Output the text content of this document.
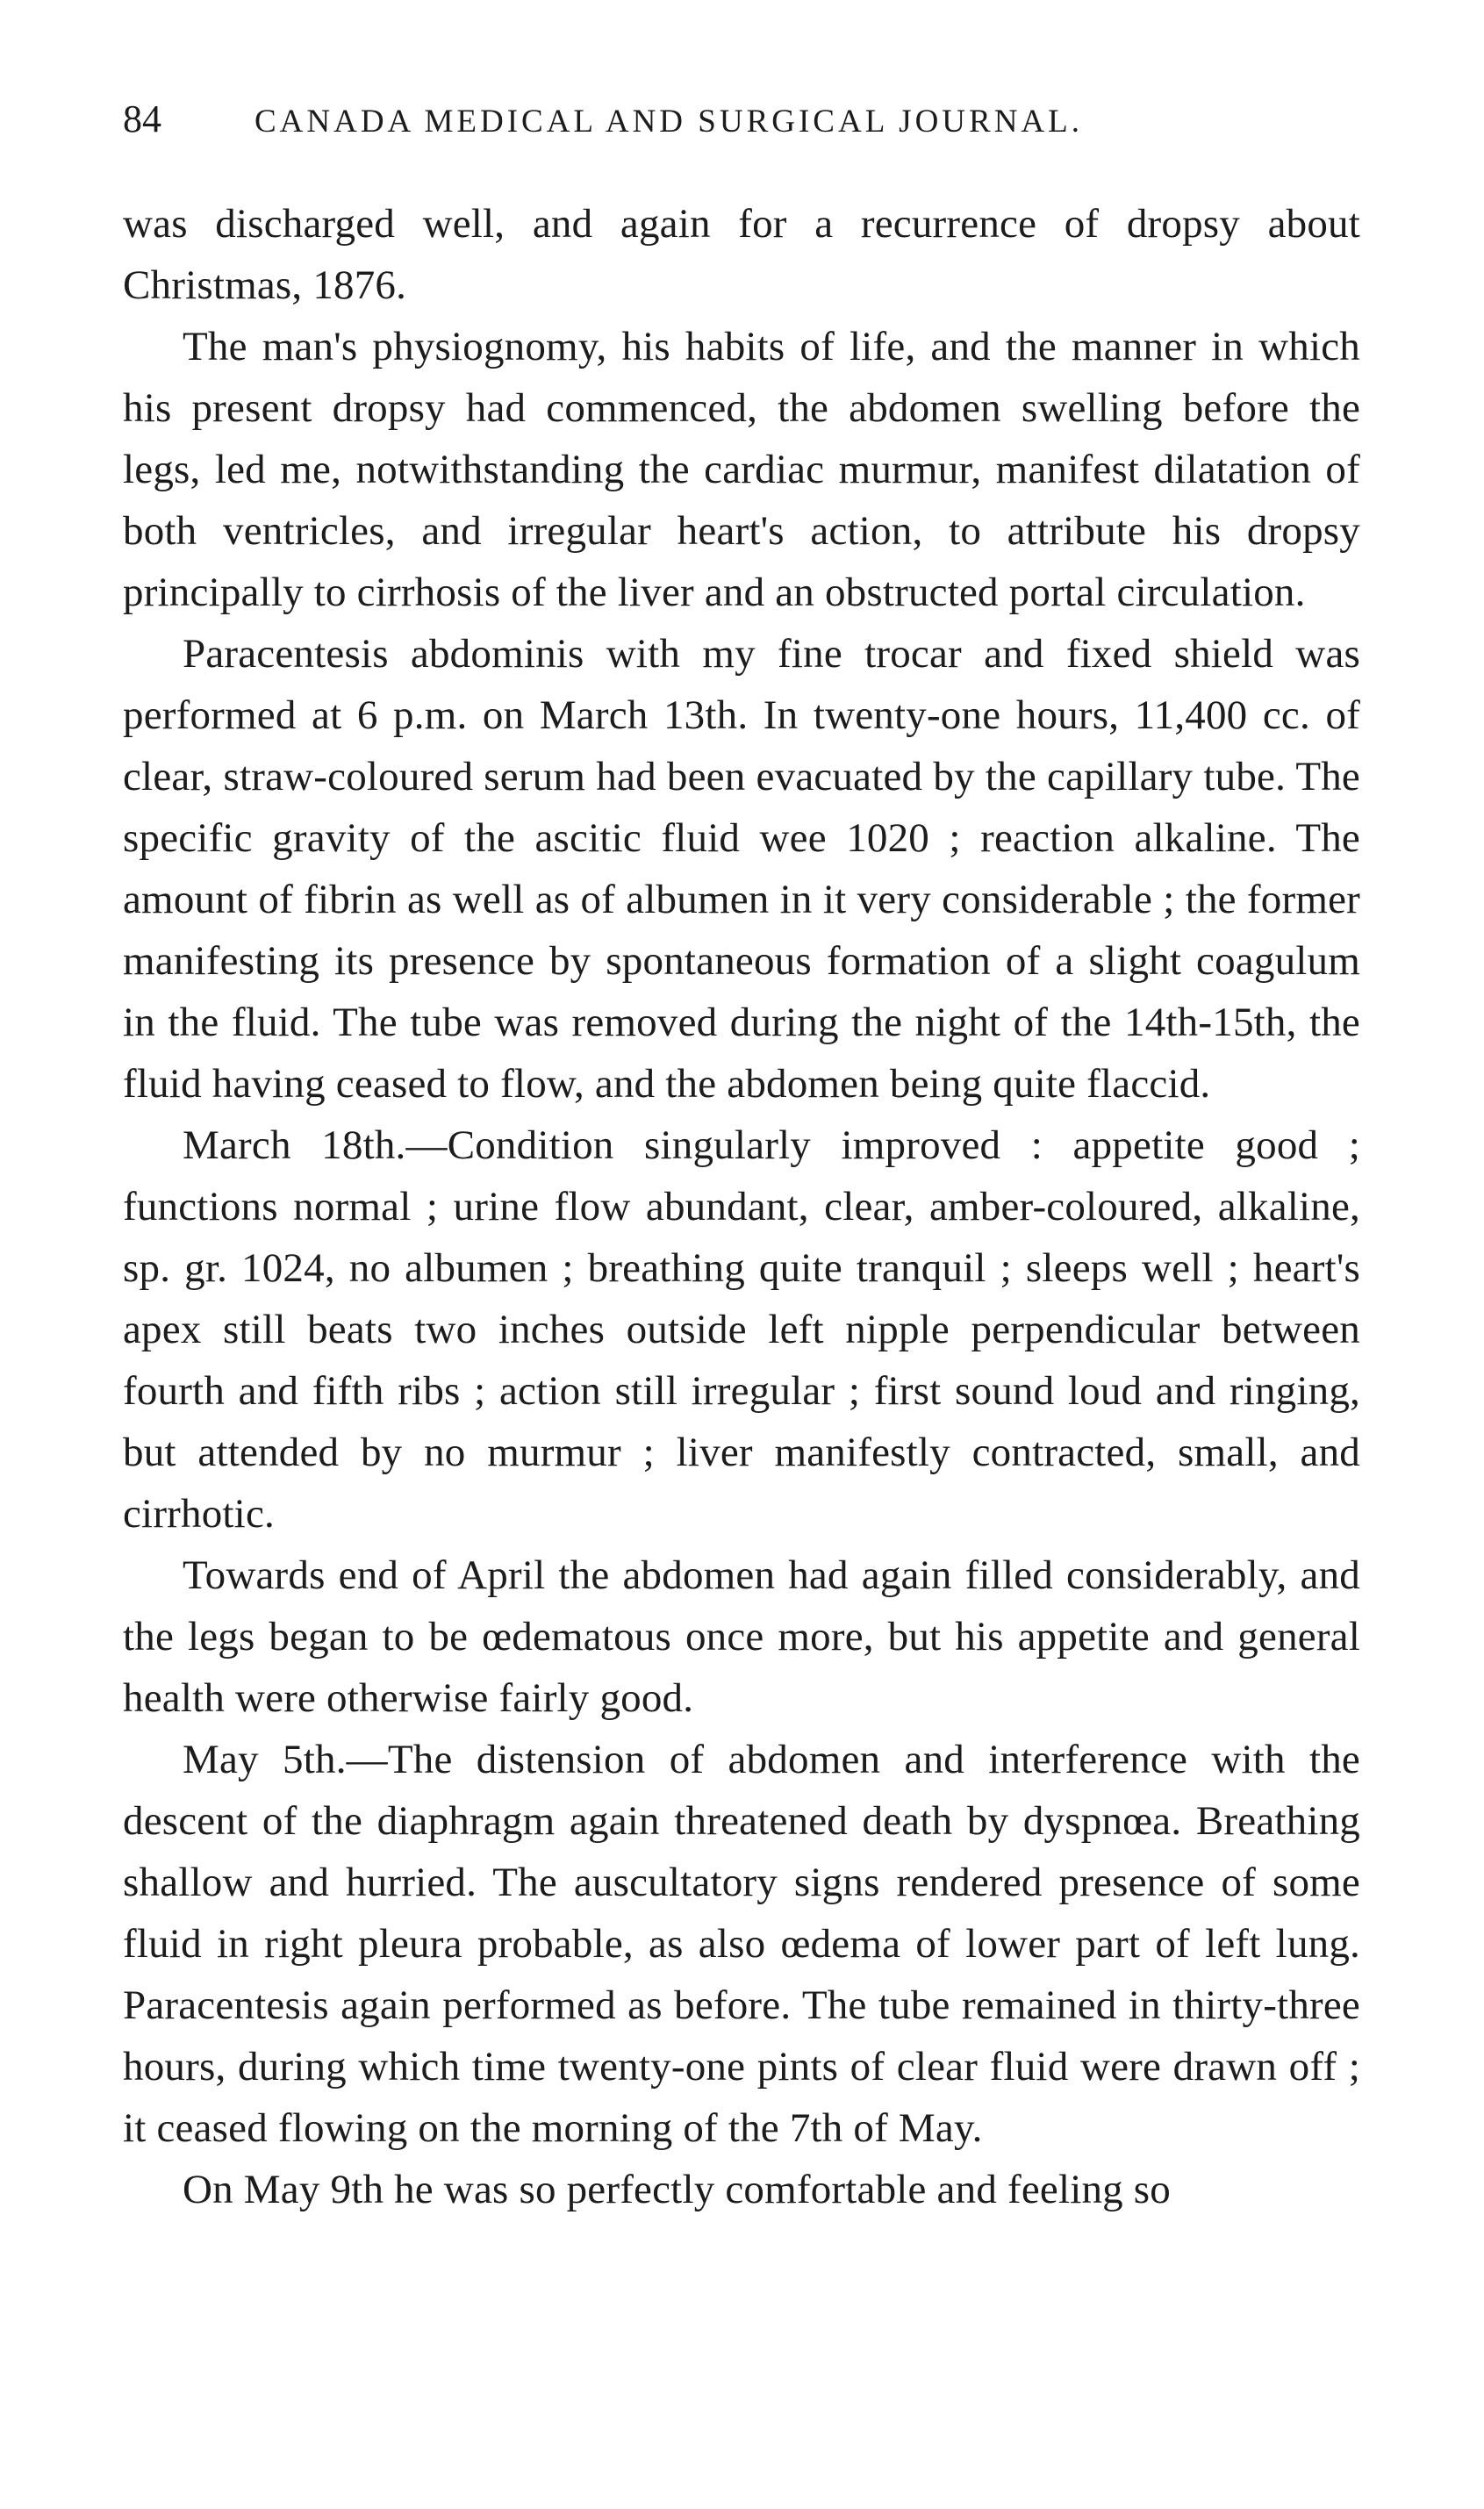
84	CANADA MEDICAL AND SURGICAL JOURNAL.

was discharged well, and again for a recurrence of dropsy about Christmas, 1876.

The man's physiognomy, his habits of life, and the manner in which his present dropsy had commenced, the abdomen swelling before the legs, led me, notwithstanding the cardiac murmur, manifest dilatation of both ventricles, and irregular heart's action, to attribute his dropsy principally to cirrhosis of the liver and an obstructed portal circulation.

Paracentesis abdominis with my fine trocar and fixed shield was performed at 6 p.m. on March 13th. In twenty-one hours, 11,400 cc. of clear, straw-coloured serum had been evacuated by the capillary tube. The specific gravity of the ascitic fluid wee 1020 ; reaction alkaline. The amount of fibrin as well as of albumen in it very considerable ; the former manifesting its presence by spontaneous formation of a slight coagulum in the fluid. The tube was removed during the night of the 14th-15th, the fluid having ceased to flow, and the abdomen being quite flaccid.

March 18th.—Condition singularly improved : appetite good ; functions normal ; urine flow abundant, clear, amber-coloured, alkaline, sp. gr. 1024, no albumen ; breathing quite tranquil ; sleeps well ; heart's apex still beats two inches outside left nipple perpendicular between fourth and fifth ribs ; action still irregular ; first sound loud and ringing, but attended by no murmur ; liver manifestly contracted, small, and cirrhotic.

Towards end of April the abdomen had again filled considerably, and the legs began to be œdematous once more, but his appetite and general health were otherwise fairly good.

May 5th.—The distension of abdomen and interference with the descent of the diaphragm again threatened death by dyspnœa. Breathing shallow and hurried. The auscultatory signs rendered presence of some fluid in right pleura probable, as also œdema of lower part of left lung. Paracentesis again performed as before. The tube remained in thirty-three hours, during which time twenty-one pints of clear fluid were drawn off ; it ceased flowing on the morning of the 7th of May.

On May 9th he was so perfectly comfortable and feeling so
